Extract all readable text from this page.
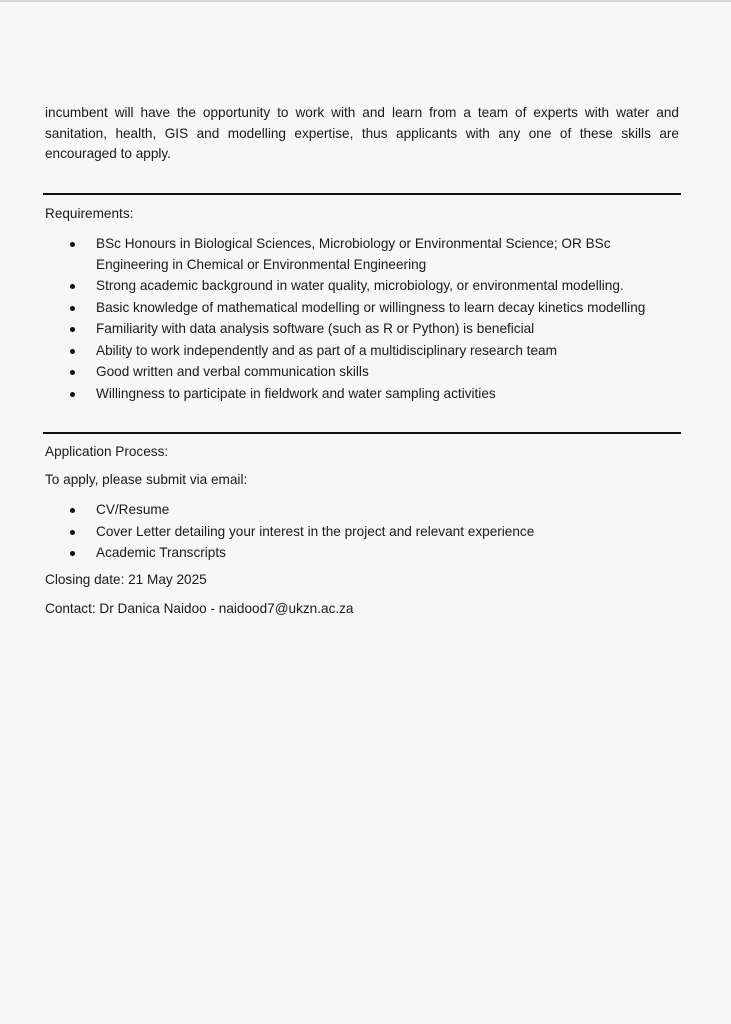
incumbent will have the opportunity to work with and learn from a team of experts with water and sanitation, health, GIS and modelling expertise, thus applicants with any one of these skills are encouraged to apply.

Requirements:

BSc Honours in Biological Sciences, Microbiology or Environmental Science; OR BSc Engineering in Chemical or Environmental Engineering
Strong academic background in water quality, microbiology, or environmental modelling.
Basic knowledge of mathematical modelling or willingness to learn decay kinetics modelling
Familiarity with data analysis software (such as R or Python) is beneficial
Ability to work independently and as part of a multidisciplinary research team
Good written and verbal communication skills
Willingness to participate in fieldwork and water sampling activities

Application Process:

To apply, please submit via email:

CV/Resume
Cover Letter detailing your interest in the project and relevant experience
Academic Transcripts

Closing date: 21 May 2025

Contact: Dr Danica Naidoo - naidood7@ukzn.ac.za
